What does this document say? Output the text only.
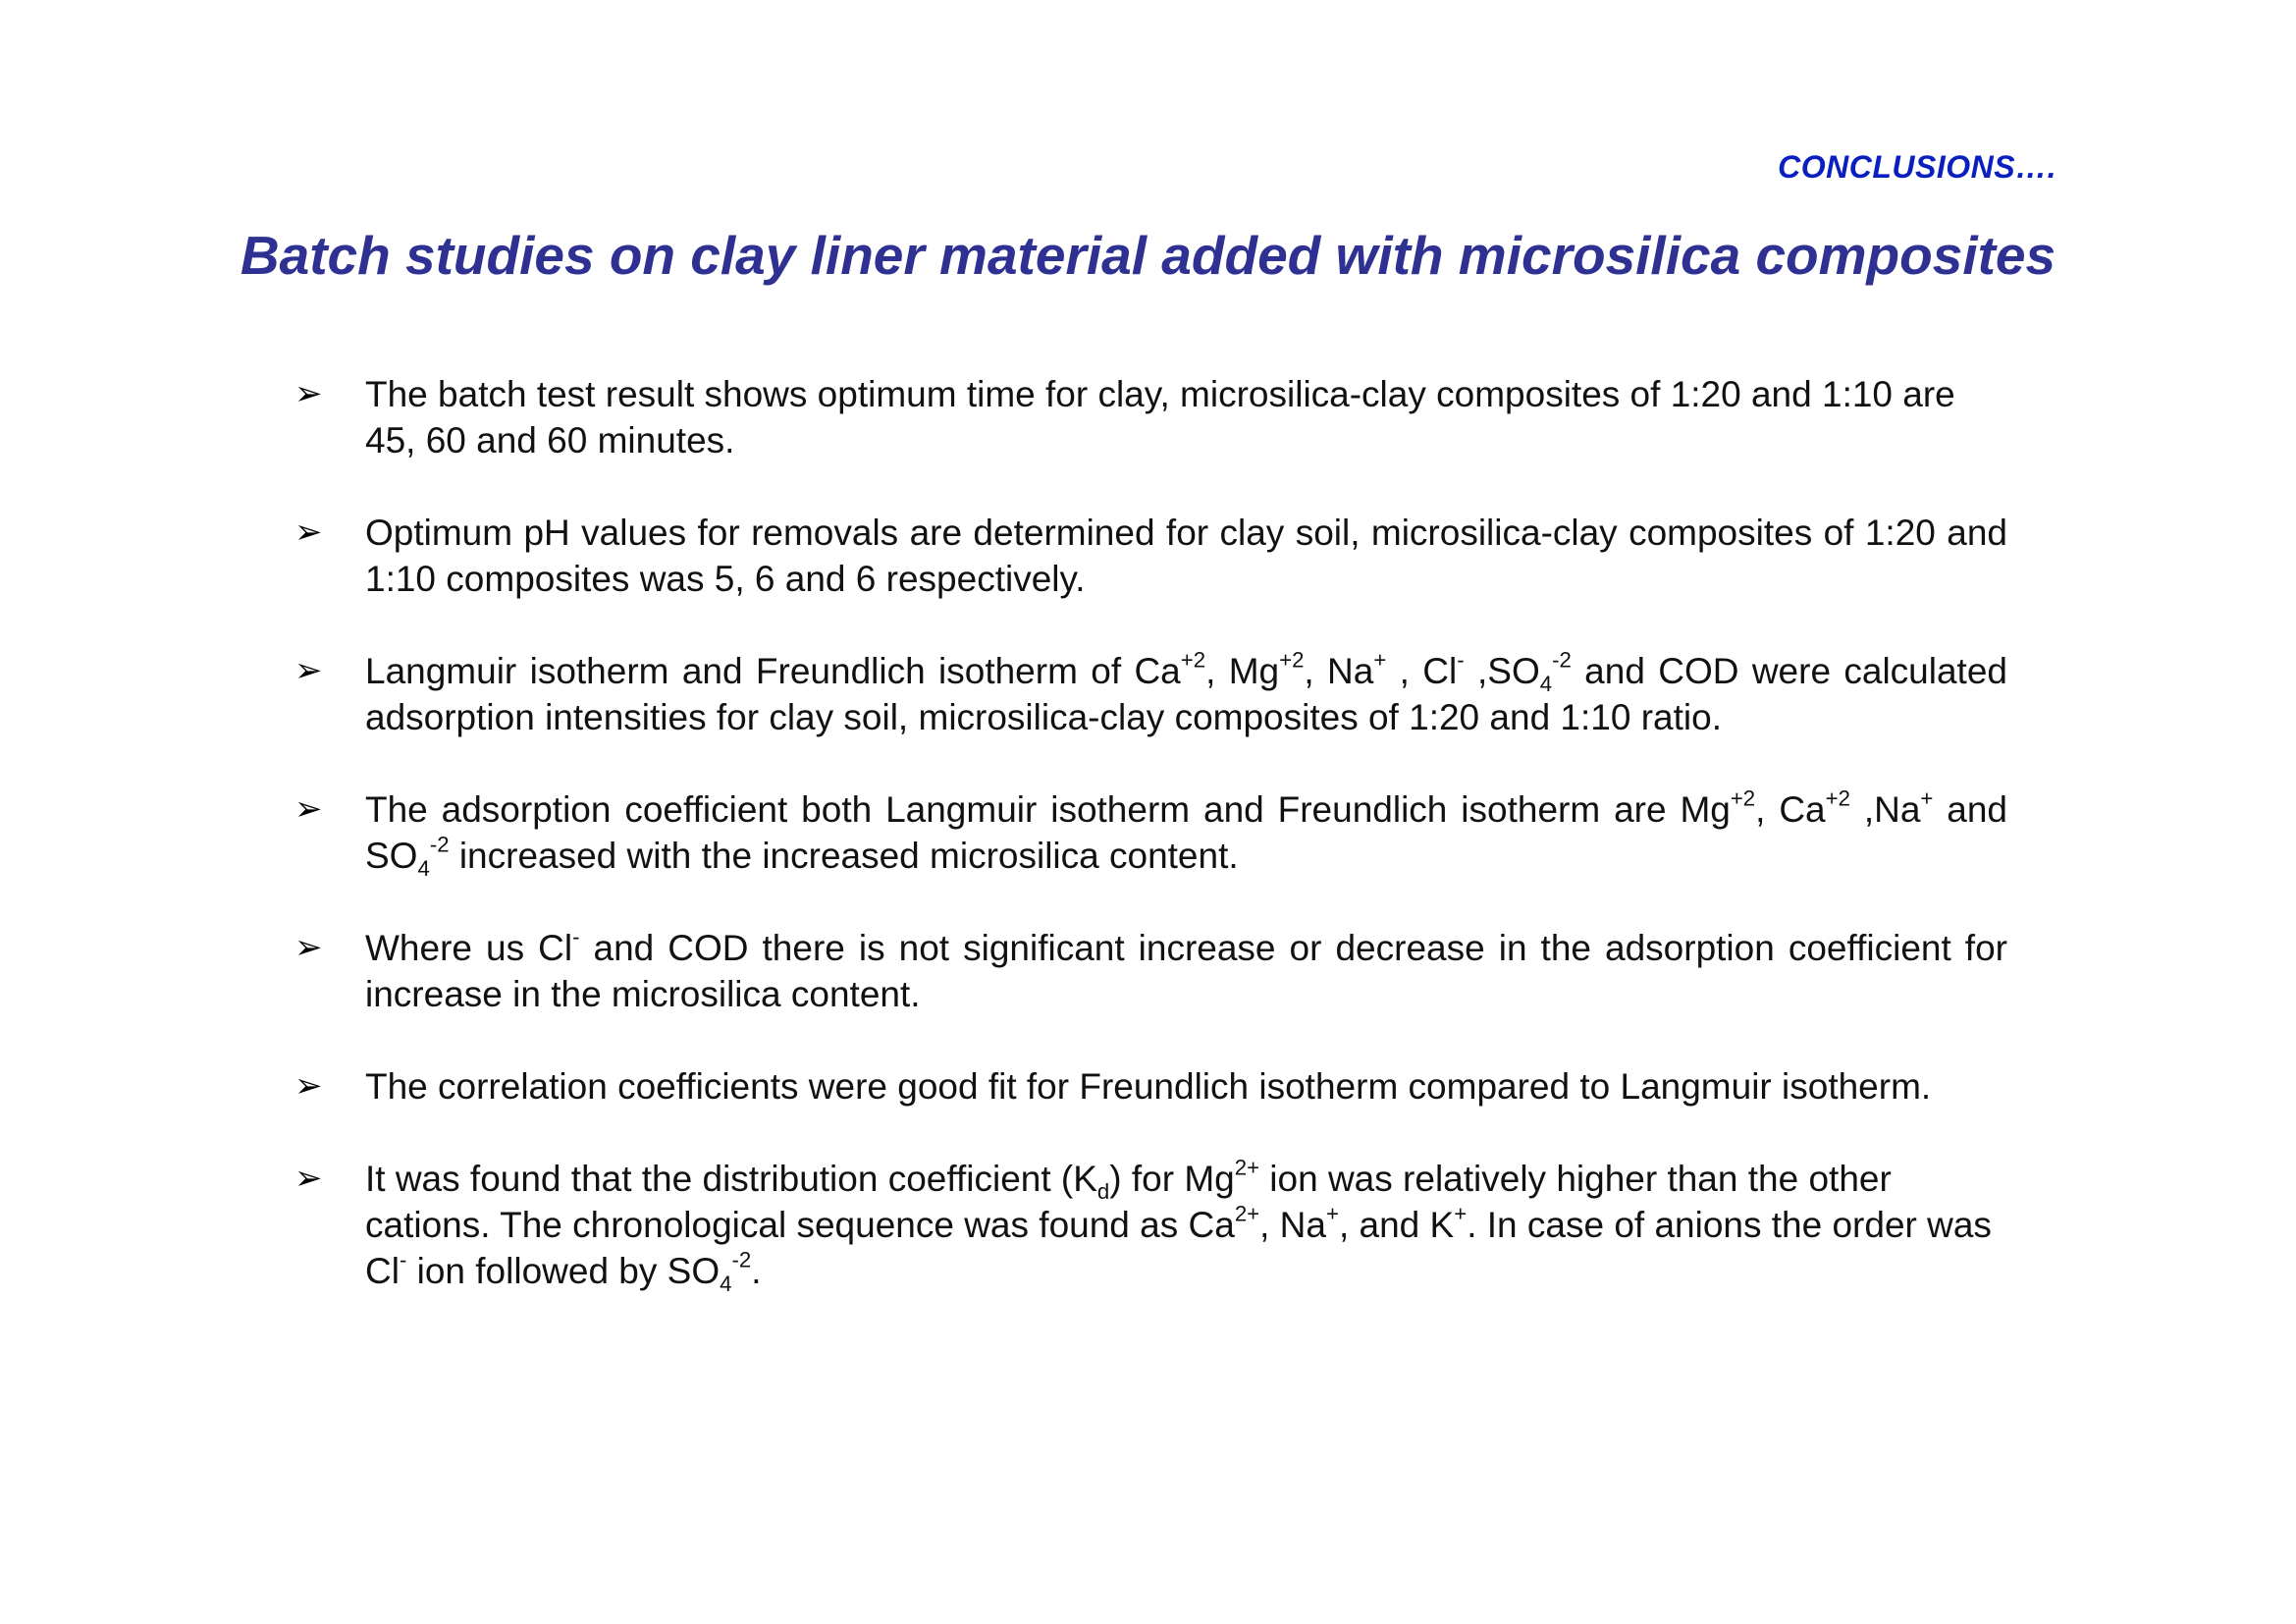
CONCLUSIONS….
Batch studies on clay liner material added with microsilica composites
➢ The batch test result shows optimum time for clay, microsilica-clay composites of 1:20 and 1:10 are 45, 60 and 60 minutes.
➢ Optimum pH values for removals are determined for clay soil, microsilica-clay composites of 1:20 and 1:10 composites was 5, 6 and 6 respectively.
➢ Langmuir isotherm and Freundlich isotherm of $Ca^{+2}$, $Mg^{+2}$, Na+ , Cl- $,SO_4^{-2}$ and COD were calculated adsorption intensities for clay soil, microsilica-clay composites of 1:20 and 1:10 ratio.
➢ The adsorption coefficient both Langmuir isotherm and Freundlich isotherm are $Mg^{+2}$, $Ca^{+2}$ ,Na+ and $SO_4^{-2}$ increased with the increased microsilica content.
➢ Where us Cl- and COD there is not significant increase or decrease in the adsorption coefficient for increase in the microsilica content.
➢ The correlation coefficients were good fit for Freundlich isotherm compared to Langmuir isotherm.
➢ It was found that the distribution coefficient $(K_d)$ for $Mg^{2+}$ ion was relatively higher than the other cations. The chronological sequence was found as $Ca^{2+}$, Na+, and K+. In case of anions the order was Cl- ion followed by $SO_4^{-2}$.
